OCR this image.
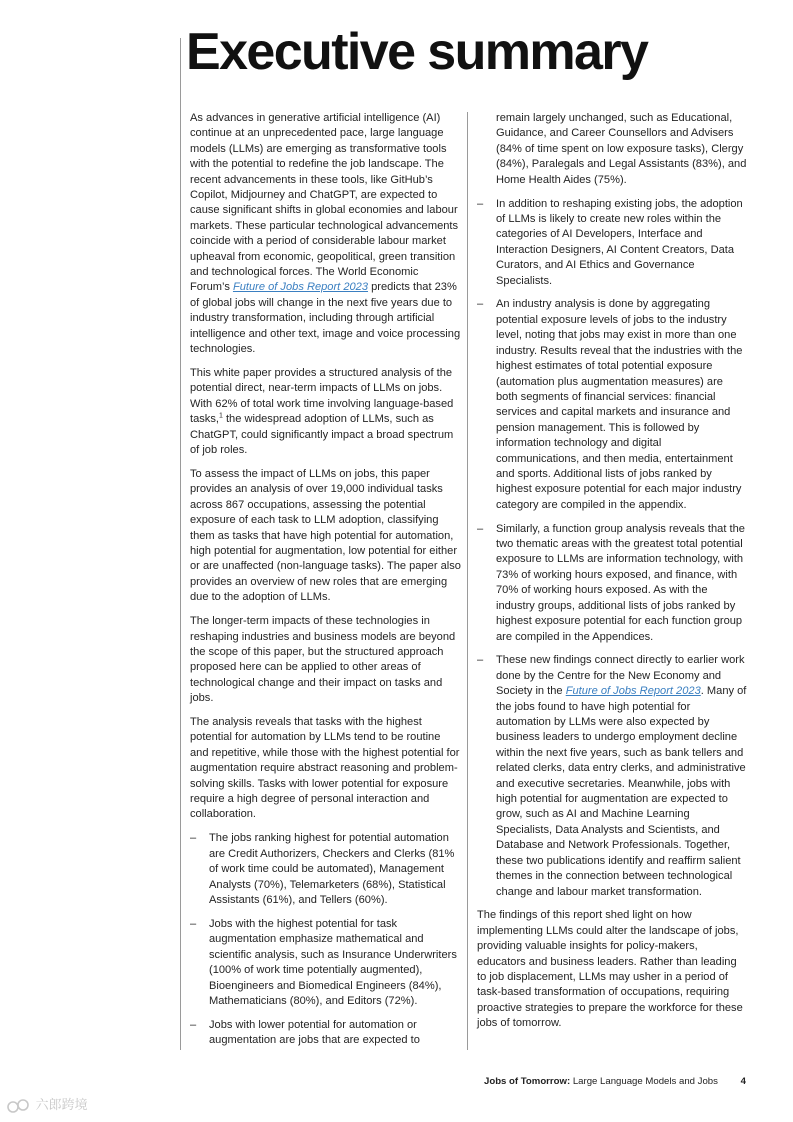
Executive summary

As advances in generative artificial intelligence (AI) continue at an unprecedented pace, large language models (LLMs) are emerging as transformative tools with the potential to redefine the job landscape. The recent advancements in these tools, like GitHub’s Copilot, Midjourney and ChatGPT, are expected to cause significant shifts in global economies and labour markets. These particular technological advancements coincide with a period of considerable labour market upheaval from economic, geopolitical, green transition and technological forces. The World Economic Forum’s Future of Jobs Report 2023 predicts that 23% of global jobs will change in the next five years due to industry transformation, including through artificial intelligence and other text, image and voice processing technologies.

This white paper provides a structured analysis of the potential direct, near-term impacts of LLMs on jobs. With 62% of total work time involving language-based tasks,$^1$ the widespread adoption of LLMs, such as ChatGPT, could significantly impact a broad spectrum of job roles.

To assess the impact of LLMs on jobs, this paper provides an analysis of over 19,000 individual tasks across 867 occupations, assessing the potential exposure of each task to LLM adoption, classifying them as tasks that have high potential for automation, high potential for augmentation, low potential for either or are unaffected (non-language tasks). The paper also provides an overview of new roles that are emerging due to the adoption of LLMs.

The longer-term impacts of these technologies in reshaping industries and business models are beyond the scope of this paper, but the structured approach proposed here can be applied to other areas of technological change and their impact on tasks and jobs.

The analysis reveals that tasks with the highest potential for automation by LLMs tend to be routine and repetitive, while those with the highest potential for augmentation require abstract reasoning and problem-solving skills. Tasks with lower potential for exposure require a high degree of personal interaction and collaboration.

– The jobs ranking highest for potential automation are Credit Authorizers, Checkers and Clerks (81% of work time could be automated), Management Analysts (70%), Telemarketers (68%), Statistical Assistants (61%), and Tellers (60%).
– Jobs with the highest potential for task augmentation emphasize mathematical and scientific analysis, such as Insurance Underwriters (100% of work time potentially augmented), Bioengineers and Biomedical Engineers (84%), Mathematicians (80%), and Editors (72%).
– Jobs with lower potential for automation or augmentation are jobs that are expected to
remain largely unchanged, such as Educational, Guidance, and Career Counsellors and Advisers (84% of time spent on low exposure tasks), Clergy (84%), Paralegals and Legal Assistants (83%), and Home Health Aides (75%).
– In addition to reshaping existing jobs, the adoption of LLMs is likely to create new roles within the categories of AI Developers, Interface and Interaction Designers, AI Content Creators, Data Curators, and AI Ethics and Governance Specialists.
– An industry analysis is done by aggregating potential exposure levels of jobs to the industry level, noting that jobs may exist in more than one industry. Results reveal that the industries with the highest estimates of total potential exposure (automation plus augmentation measures) are both segments of financial services: financial services and capital markets and insurance and pension management. This is followed by information technology and digital communications, and then media, entertainment and sports. Additional lists of jobs ranked by highest exposure potential for each major industry category are compiled in the appendix.
– Similarly, a function group analysis reveals that the two thematic areas with the greatest total potential exposure to LLMs are information technology, with 73% of working hours exposed, and finance, with 70% of working hours exposed. As with the industry groups, additional lists of jobs ranked by highest exposure potential for each function group are compiled in the Appendices.
– These new findings connect directly to earlier work done by the Centre for the New Economy and Society in the Future of Jobs Report 2023. Many of the jobs found to have high potential for automation by LLMs were also expected by business leaders to undergo employment decline within the next five years, such as bank tellers and related clerks, data entry clerks, and administrative and executive secretaries. Meanwhile, jobs with high potential for augmentation are expected to grow, such as AI and Machine Learning Specialists, Data Analysts and Scientists, and Database and Network Professionals. Together, these two publications identify and reaffirm salient themes in the connection between technological change and labour market transformation.

The findings of this report shed light on how implementing LLMs could alter the landscape of jobs, providing valuable insights for policy-makers, educators and business leaders. Rather than leading to job displacement, LLMs may usher in a period of task-based transformation of occupations, requiring proactive strategies to prepare the workforce for these jobs of tomorrow.

Jobs of Tomorrow: Large Language Models and Jobs 4
六郎跨境
